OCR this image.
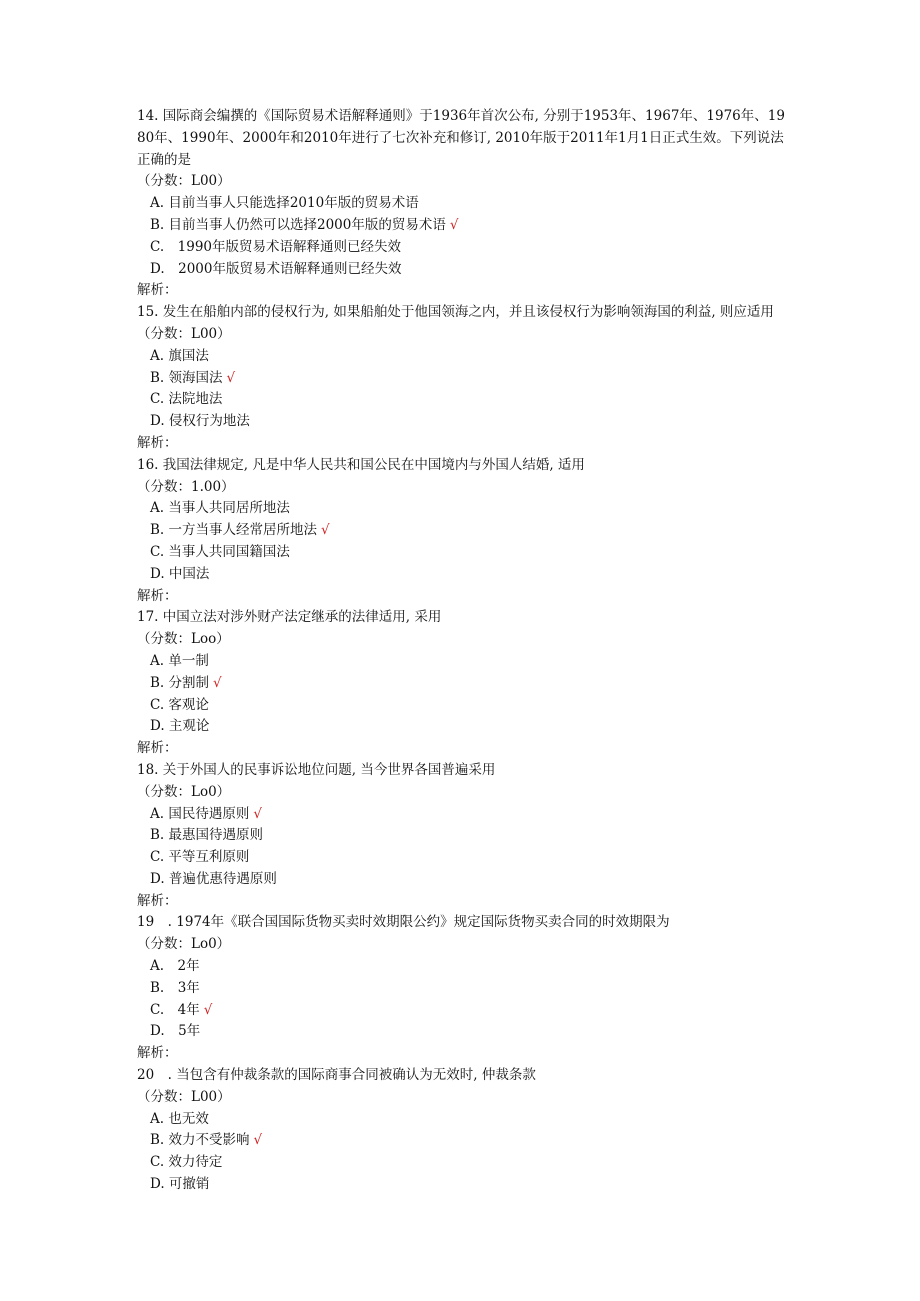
14. 国际商会编撰的《国际贸易术语解释通则》于1936年首次公布, 分别于1953年、1967年、1976年、1980年、1990年、2000年和2010年进行了七次补充和修订, 2010年版于2011年1月1日正式生效。下列说法正确的是
（分数：L00）
A. 目前当事人只能选择2010年版的贸易术语
B. 目前当事人仍然可以选择2000年版的贸易术语 √
C.　1990年版贸易术语解释通则已经失效
D.　2000年版贸易术语解释通则已经失效
解析：
15. 发生在船舶内部的侵权行为, 如果船舶处于他国领海之内，并且该侵权行为影响领海国的利益, 则应适用（分数：L00）
A. 旗国法
B. 领海国法 √
C. 法院地法
D. 侵权行为地法
解析：
16. 我国法律规定, 凡是中华人民共和国公民在中国境内与外国人结婚, 适用
（分数：1.00）
A. 当事人共同居所地法
B. 一方当事人经常居所地法 √
C. 当事人共同国籍国法
D. 中国法
解析：
17. 中国立法对涉外财产法定继承的法律适用, 采用
（分数：Loo）
A. 单一制
B. 分割制 √
C. 客观论
D. 主观论
解析：
18. 关于外国人的民事诉讼地位问题, 当今世界各国普遍采用
（分数：Lo0）
A. 国民待遇原则 √
B. 最惠国待遇原则
C. 平等互利原则
D. 普遍优惠待遇原则
解析：
19　. 1974年《联合国国际货物买卖时效期限公约》规定国际货物买卖合同的时效期限为
（分数：Lo0）
A.　2年
B.　3年
C.　4年 √
D.　5年
解析：
20　. 当包含有仲裁条款的国际商事合同被确认为无效时, 仲裁条款
（分数：L00）
A. 也无效
B. 效力不受影响 √
C. 效力待定
D. 可撤销
